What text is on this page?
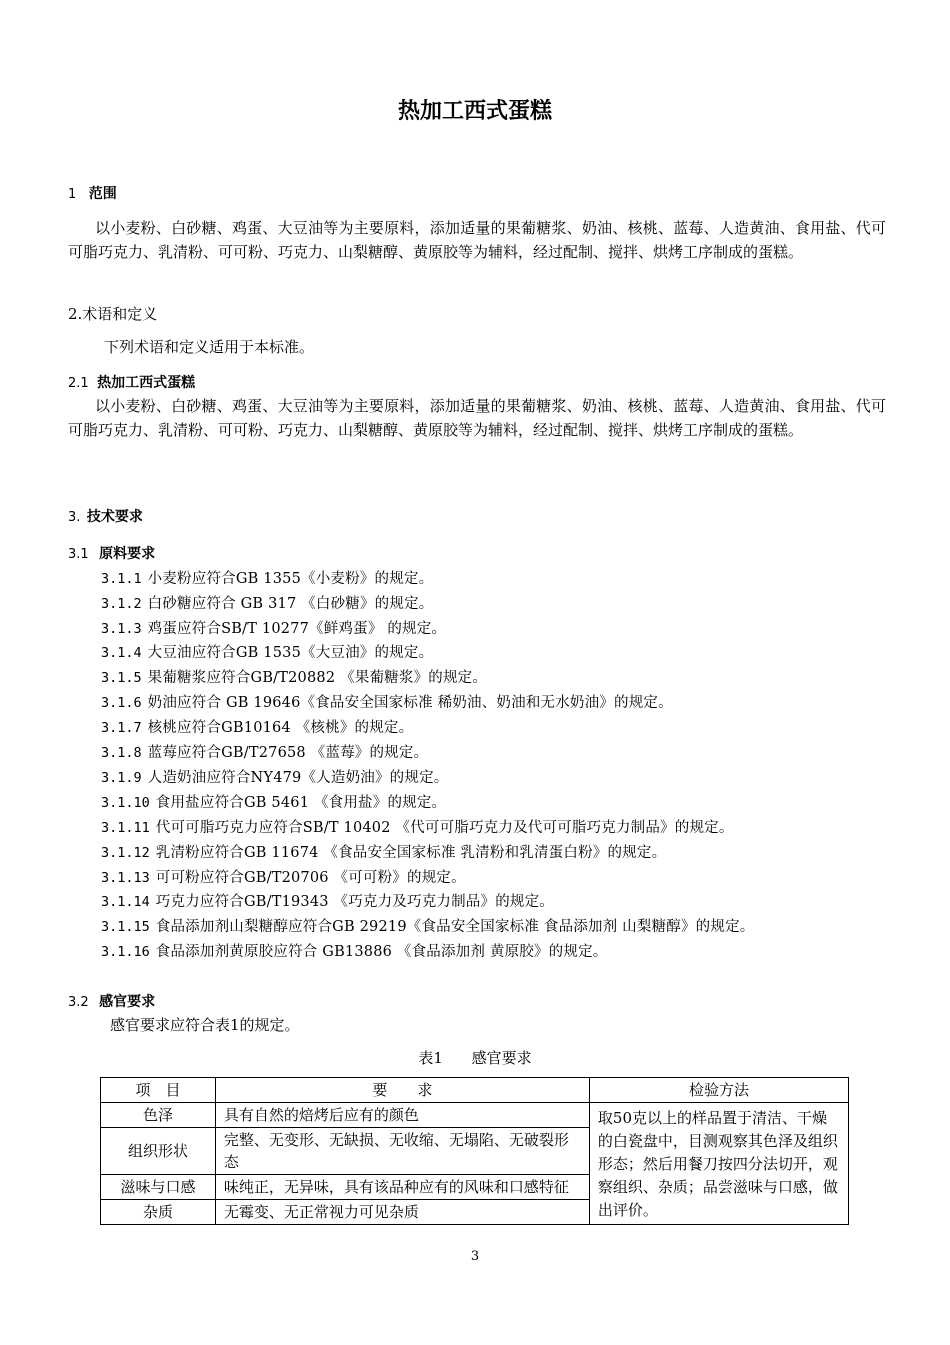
热加工西式蛋糕
1 范围
以小麦粉、白砂糖、鸡蛋、大豆油等为主要原料，添加适量的果葡糖浆、奶油、核桃、蓝莓、人造黄油、食用盐、代可可脂巧克力、乳清粉、可可粉、巧克力、山梨糖醇、黄原胶等为辅料，经过配制、搅拌、烘烤工序制成的蛋糕。
2.术语和定义
下列术语和定义适用于本标准。
2.1 热加工西式蛋糕
以小麦粉、白砂糖、鸡蛋、大豆油等为主要原料，添加适量的果葡糖浆、奶油、核桃、蓝莓、人造黄油、食用盐、代可可脂巧克力、乳清粉、可可粉、巧克力、山梨糖醇、黄原胶等为辅料，经过配制、搅拌、烘烤工序制成的蛋糕。
3. 技术要求
3.1 原料要求
3.1.1 小麦粉应符合GB 1355《小麦粉》的规定。
3.1.2 白砂糖应符合 GB 317 《白砂糖》的规定。
3.1.3 鸡蛋应符合SB/T 10277《鲜鸡蛋》 的规定。
3.1.4 大豆油应符合GB 1535《大豆油》的规定。
3.1.5 果葡糖浆应符合GB/T20882 《果葡糖浆》的规定。
3.1.6 奶油应符合 GB 19646《食品安全国家标准 稀奶油、奶油和无水奶油》的规定。
3.1.7 核桃应符合GB10164 《核桃》的规定。
3.1.8 蓝莓应符合GB/T27658 《蓝莓》的规定。
3.1.9 人造奶油应符合NY479《人造奶油》的规定。
3.1.10 食用盐应符合GB 5461 《食用盐》的规定。
3.1.11 代可可脂巧克力应符合SB/T 10402 《代可可脂巧克力及代可可脂巧克力制品》的规定。
3.1.12 乳清粉应符合GB 11674 《食品安全国家标准 乳清粉和乳清蛋白粉》的规定。
3.1.13 可可粉应符合GB/T20706 《可可粉》的规定。
3.1.14 巧克力应符合GB/T19343 《巧克力及巧克力制品》的规定。
3.1.15 食品添加剂山梨糖醇应符合GB 29219《食品安全国家标准 食品添加剂 山梨糖醇》的规定。
3.1.16 食品添加剂黄原胶应符合 GB13886 《食品添加剂 黄原胶》的规定。
3.2 感官要求
感官要求应符合表1的规定。
表1 感官要求
项　目	要　　求	检验方法
色泽	具有自然的焙烤后应有的颜色	取50克以上的样品置于清洁、干燥的白瓷盘中，目测观察其色泽及组织形态；然后用餐刀按四分法切开，观察组织、杂质；品尝滋味与口感，做出评价。
组织形状	完整、无变形、无缺损、无收缩、无塌陷、无破裂形态	
滋味与口感	味纯正，无异味，具有该品种应有的风味和口感特征	
杂质	无霉变、无正常视力可见杂质	
3
